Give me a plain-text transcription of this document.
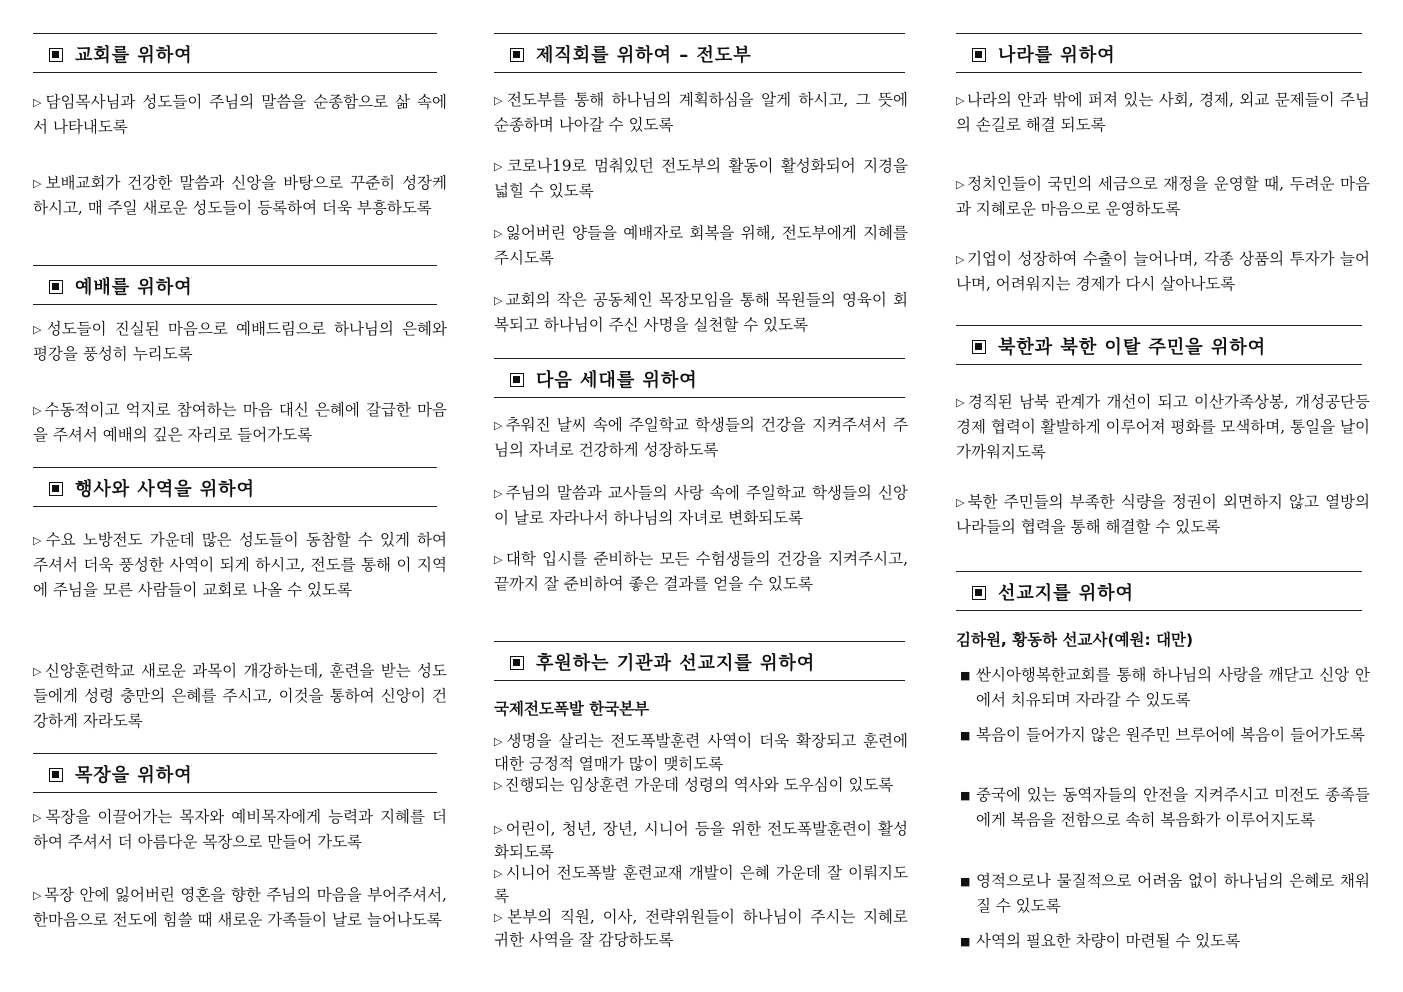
교회를 위하여
▷ 담임목사님과 성도들이 주님의 말씀을 순종함으로 삶 속에서 나타내도록
▷ 보배교회가 건강한 말씀과 신앙을 바탕으로 꾸준히 성장케 하시고, 매 주일 새로운 성도들이 등록하여 더욱 부흥하도록
예배를 위하여
▷ 성도들이 진실된 마음으로 예배드림으로 하나님의 은혜와 평강을 풍성히 누리도록
▷ 수동적이고 억지로 참여하는 마음 대신 은혜에 갈급한 마음을 주셔서 예배의 깊은 자리로 들어가도록
행사와 사역을 위하여
▷ 수요 노방전도 가운데 많은 성도들이 동참할 수 있게 하여 주셔서 더욱 풍성한 사역이 되게 하시고, 전도를 통해 이 지역에 주님을 모른 사람들이 교회로 나올 수 있도록
▷ 신앙훈련학교 새로운 과목이 개강하는데, 훈련을 받는 성도들에게 성령 충만의 은혜를 주시고, 이것을 통하여 신앙이 건강하게 자라도록
목장을 위하여
▷ 목장을 이끌어가는 목자와 예비목자에게 능력과 지혜를 더하여 주셔서 더 아름다운 목장으로 만들어 가도록
▷ 목장 안에 잃어버린 영혼을 향한 주님의 마음을 부어주셔서, 한마음으로 전도에 힘쓸 때 새로운 가족들이 날로 늘어나도록
제직회를 위하여 – 전도부
▷ 전도부를 통해 하나님의 계획하심을 알게 하시고, 그 뜻에 순종하며 나아갈 수 있도록
▷ 코로나19로 멈춰있던 전도부의 활동이 활성화되어 지경을 넓힐 수 있도록
▷ 잃어버린 양들을 예배자로 회복을 위해, 전도부에게 지혜를 주시도록
▷ 교회의 작은 공동체인 목장모임을 통해 목원들의 영육이 회복되고 하나님이 주신 사명을 실천할 수 있도록
다음 세대를 위하여
▷ 추워진 날씨 속에 주일학교 학생들의 건강을 지켜주셔서 주님의 자녀로 건강하게 성장하도록
▷ 주님의 말씀과 교사들의 사랑 속에 주일학교 학생들의 신앙이 날로 자라나서 하나님의 자녀로 변화되도록
▷ 대학 입시를 준비하는 모든 수험생들의 건강을 지켜주시고, 끝까지 잘 준비하여 좋은 결과를 얻을 수 있도록
후원하는 기관과 선교지를 위하여
국제전도폭발 한국본부
▷ 생명을 살리는 전도폭발훈련 사역이 더욱 확장되고 훈련에 대한 긍정적 열매가 많이 맺히도록
▷ 진행되는 임상훈련 가운데 성령의 역사와 도우심이 있도록
▷ 어린이, 청년, 장년, 시니어 등을 위한 전도폭발훈련이 활성화되도록
▷ 시니어 전도폭발 훈련교재 개발이 은혜 가운데 잘 이뤄지도록
▷ 본부의 직원, 이사, 전략위원들이 하나님이 주시는 지혜로 귀한 사역을 잘 감당하도록
나라를 위하여
▷ 나라의 안과 밖에 퍼져 있는 사회, 경제, 외교 문제들이 주님의 손길로 해결 되도록
▷ 정치인들이 국민의 세금으로 재정을 운영할 때, 두려운 마음과 지혜로운 마음으로 운영하도록
▷ 기업이 성장하여 수출이 늘어나며, 각종 상품의 투자가 늘어나며, 어려워지는 경제가 다시 살아나도록
북한과 북한 이탈 주민을 위하여
▷ 경직된 남북 관계가 개선이 되고 이산가족상봉, 개성공단등 경제 협력이 활발하게 이루어져 평화를 모색하며, 통일을 날이 가까워지도록
▷ 북한 주민들의 부족한 식량을 정권이 외면하지 않고 열방의 나라들의 협력을 통해 해결할 수 있도록
선교지를 위하여
김하원, 황동하 선교사(예원: 대만)
■ 싼시아행복한교회를 통해 하나님의 사랑을 깨닫고 신앙 안에서 치유되며 자라갈 수 있도록
■ 복음이 들어가지 않은 원주민 브루어에 복음이 들어가도록
■ 중국에 있는 동역자들의 안전을 지켜주시고 미전도 종족들에게 복음을 전함으로 속히 복음화가 이루어지도록
■ 영적으로나 물질적으로 어려움 없이 하나님의 은혜로 채워질 수 있도록
■ 사역의 필요한 차량이 마련될 수 있도록
